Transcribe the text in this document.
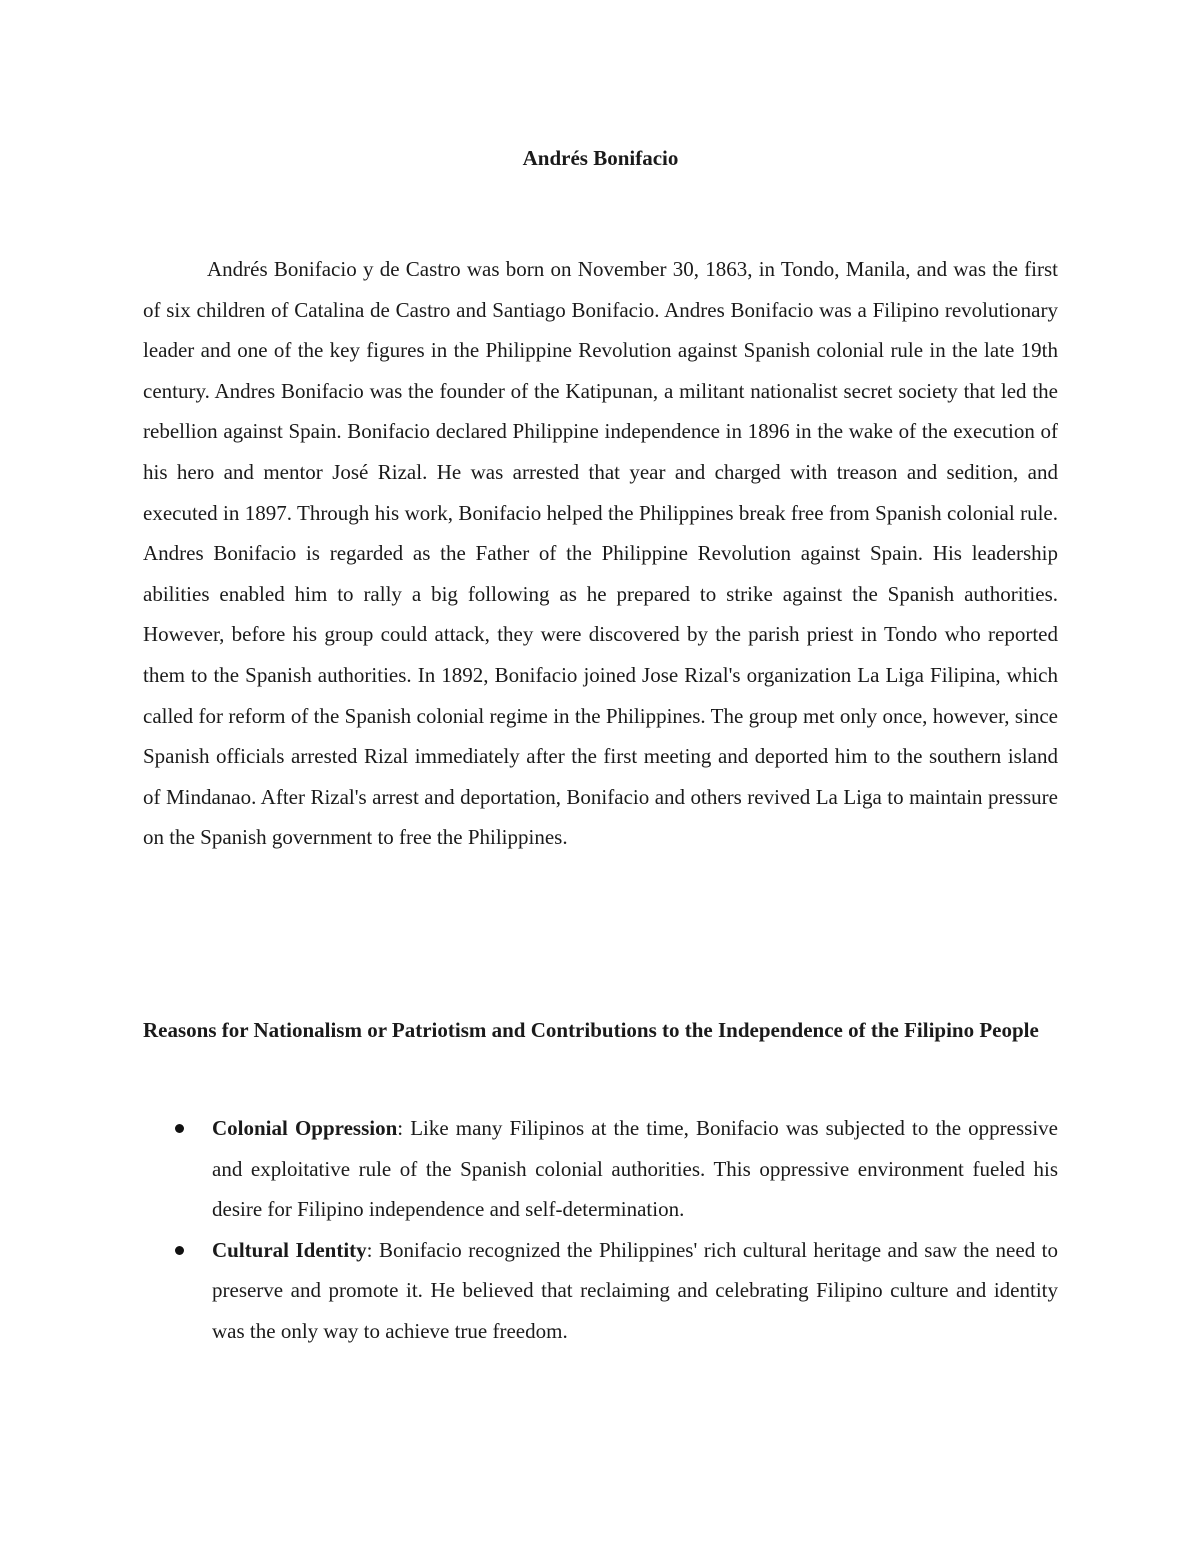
Andrés Bonifacio

Andrés Bonifacio y de Castro was born on November 30, 1863, in Tondo, Manila, and was the first of six children of Catalina de Castro and Santiago Bonifacio. Andres Bonifacio was a Filipino revolutionary leader and one of the key figures in the Philippine Revolution against Spanish colonial rule in the late 19th century. Andres Bonifacio was the founder of the Katipunan, a militant nationalist secret society that led the rebellion against Spain. Bonifacio declared Philippine independence in 1896 in the wake of the execution of his hero and mentor José Rizal. He was arrested that year and charged with treason and sedition, and executed in 1897. Through his work, Bonifacio helped the Philippines break free from Spanish colonial rule. Andres Bonifacio is regarded as the Father of the Philippine Revolution against Spain. His leadership abilities enabled him to rally a big following as he prepared to strike against the Spanish authorities. However, before his group could attack, they were discovered by the parish priest in Tondo who reported them to the Spanish authorities. In 1892, Bonifacio joined Jose Rizal's organization La Liga Filipina, which called for reform of the Spanish colonial regime in the Philippines. The group met only once, however, since Spanish officials arrested Rizal immediately after the first meeting and deported him to the southern island of Mindanao. After Rizal's arrest and deportation, Bonifacio and others revived La Liga to maintain pressure on the Spanish government to free the Philippines.

Reasons for Nationalism or Patriotism and Contributions to the Independence of the Filipino People
Colonial Oppression: Like many Filipinos at the time, Bonifacio was subjected to the oppressive and exploitative rule of the Spanish colonial authorities. This oppressive environment fueled his desire for Filipino independence and self-determination.
Cultural Identity: Bonifacio recognized the Philippines' rich cultural heritage and saw the need to preserve and promote it. He believed that reclaiming and celebrating Filipino culture and identity was the only way to achieve true freedom.
